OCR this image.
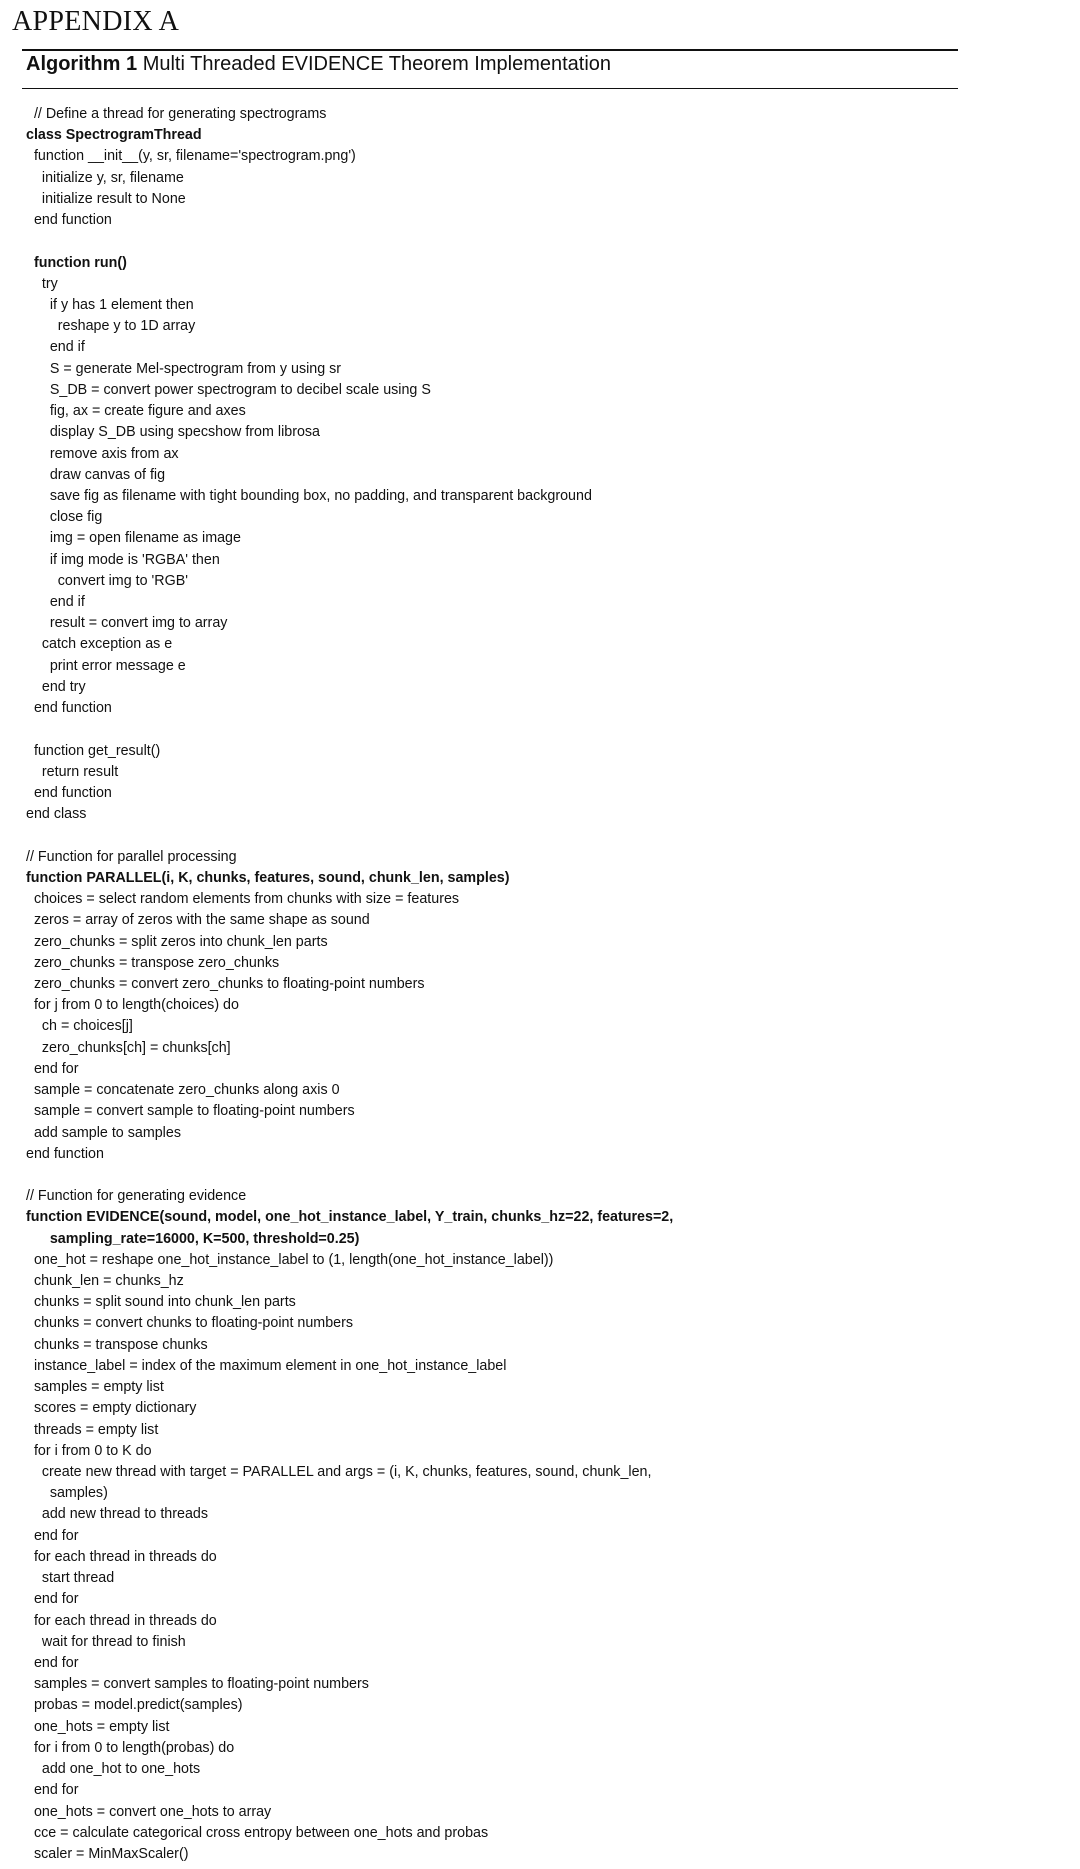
APPENDIX A
Algorithm 1 Multi Threaded EVIDENCE Theorem Implementation
// Define a thread for generating spectrograms
class SpectrogramThread
function __init__(y, sr, filename='spectrogram.png')
initialize y, sr, filename
initialize result to None
end function
function run()
try
if y has 1 element then
reshape y to 1D array
end if
S = generate Mel-spectrogram from y using sr
S_DB = convert power spectrogram to decibel scale using S
fig, ax = create figure and axes
display S_DB using specshow from librosa
remove axis from ax
draw canvas of fig
save fig as filename with tight bounding box, no padding, and transparent background
close fig
img = open filename as image
if img mode is 'RGBA' then
convert img to 'RGB'
end if
result = convert img to array
catch exception as e
print error message e
end try
end function
function get_result()
return result
end function
end class
// Function for parallel processing
function PARALLEL(i, K, chunks, features, sound, chunk_len, samples)
choices = select random elements from chunks with size = features
zeros = array of zeros with the same shape as sound
zero_chunks = split zeros into chunk_len parts
zero_chunks = transpose zero_chunks
zero_chunks = convert zero_chunks to floating-point numbers
for j from 0 to length(choices) do
ch = choices[j]
zero_chunks[ch] = chunks[ch]
end for
sample = concatenate zero_chunks along axis 0
sample = convert sample to floating-point numbers
add sample to samples
end function
// Function for generating evidence
function EVIDENCE(sound, model, one_hot_instance_label, Y_train, chunks_hz=22, features=2,
sampling_rate=16000, K=500, threshold=0.25)
one_hot = reshape one_hot_instance_label to (1, length(one_hot_instance_label))
chunk_len = chunks_hz
chunks = split sound into chunk_len parts
chunks = convert chunks to floating-point numbers
chunks = transpose chunks
instance_label = index of the maximum element in one_hot_instance_label
samples = empty list
scores = empty dictionary
threads = empty list
for i from 0 to K do
create new thread with target = PARALLEL and args = (i, K, chunks, features, sound, chunk_len,
samples)
add new thread to threads
end for
for each thread in threads do
start thread
end for
for each thread in threads do
wait for thread to finish
end for
samples = convert samples to floating-point numbers
probas = model.predict(samples)
one_hots = empty list
for i from 0 to length(probas) do
add one_hot to one_hots
end for
one_hots = convert one_hots to array
cce = calculate categorical cross entropy between one_hots and probas
scaler = MinMaxScaler()
